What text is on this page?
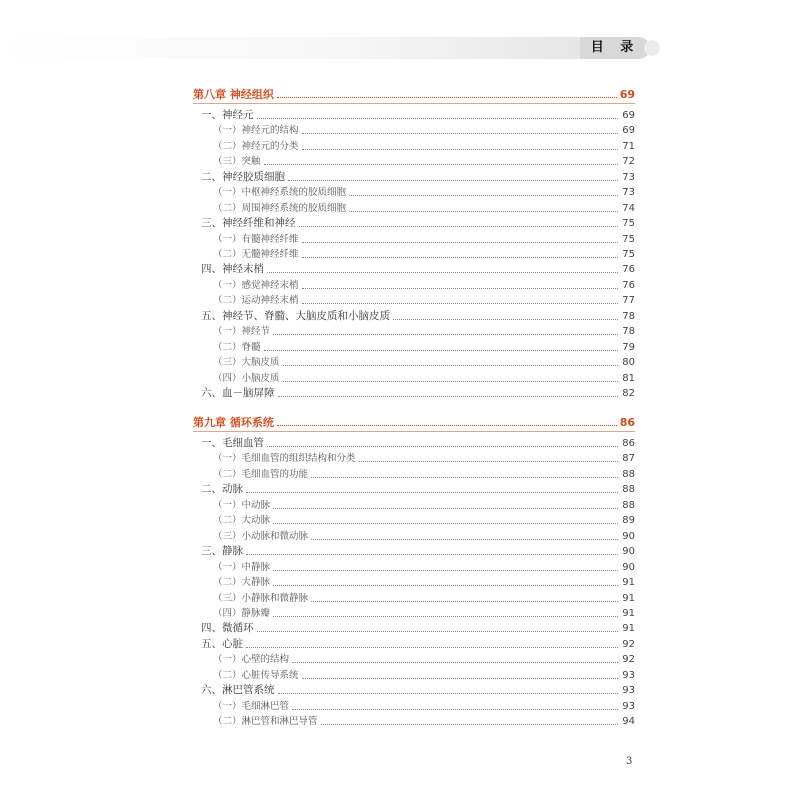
目 录
3
第八章 神经组织	69
一、神经元	69
（一）神经元的结构	69
（二）神经元的分类	71
（三）突触	72
二、神经胶质细胞	73
（一）中枢神经系统的胶质细胞	73
（二）周围神经系统的胶质细胞	74
三、神经纤维和神经	75
（一）有髓神经纤维	75
（二）无髓神经纤维	75
四、神经末梢	76
（一）感觉神经末梢	76
（二）运动神经末梢	77
五、神经节、脊髓、大脑皮质和小脑皮质	78
（一）神经节	78
（二）脊髓	79
（三）大脑皮质	80
（四）小脑皮质	81
六、血－脑屏障	82
第九章 循环系统	86
一、毛细血管	86
（一）毛细血管的组织结构和分类	87
（二）毛细血管的功能	88
二、动脉	88
（一）中动脉	88
（二）大动脉	89
（三）小动脉和微动脉	90
三、静脉	90
（一）中静脉	90
（二）大静脉	91
（三）小静脉和微静脉	91
（四）静脉瓣	91
四、微循环	91
五、心脏	92
（一）心壁的结构	92
（二）心脏传导系统	93
六、淋巴管系统	93
（一）毛细淋巴管	93
（二）淋巴管和淋巴导管	94
